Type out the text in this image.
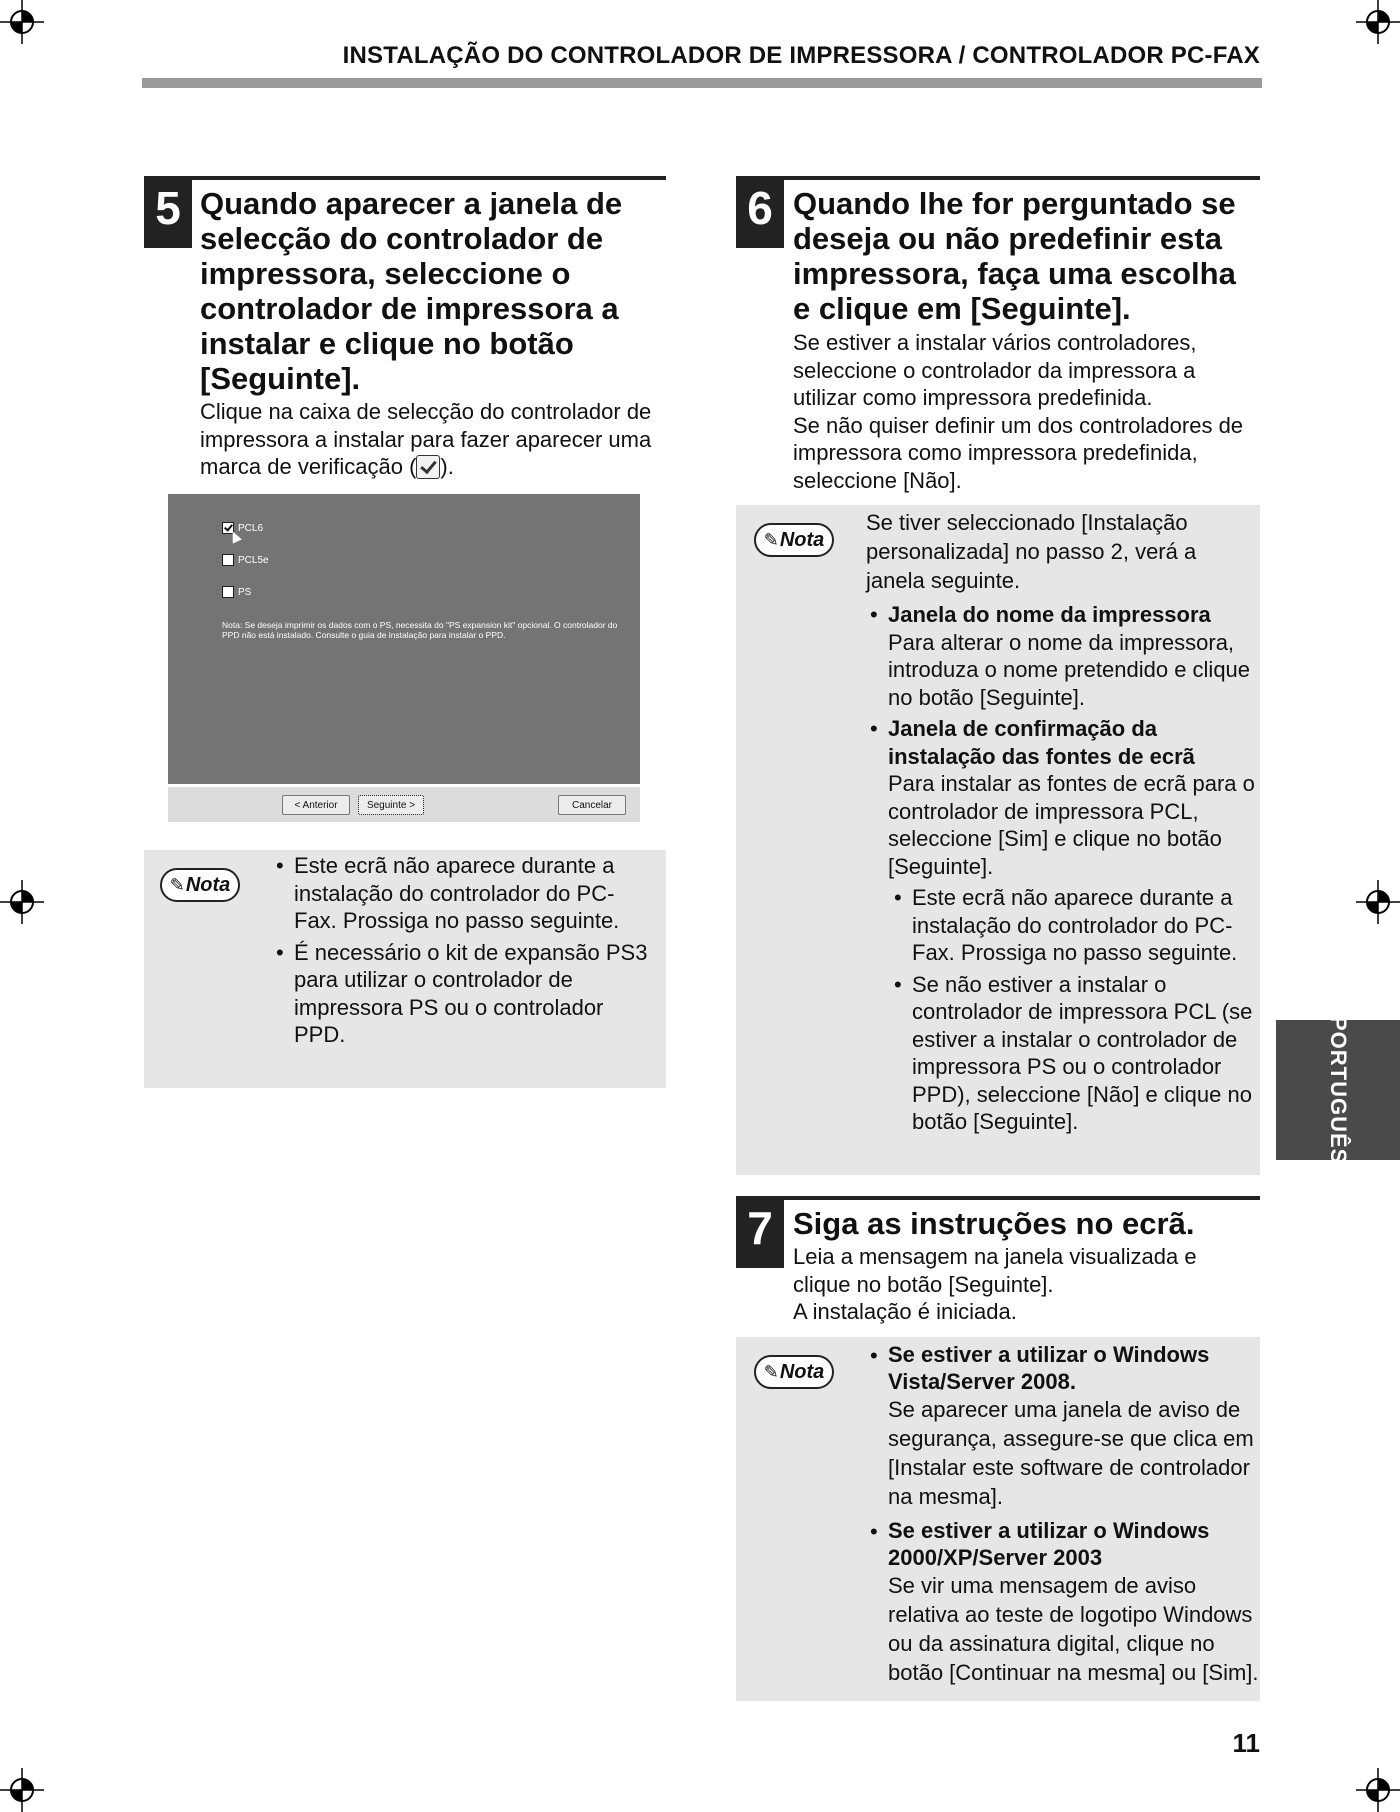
INSTALAÇÃO DO CONTROLADOR DE IMPRESSORA / CONTROLADOR PC-FAX
5 Quando aparecer a janela de selecção do controlador de impressora, seleccione o controlador de impressora a instalar e clique no botão [Seguinte].
Clique na caixa de selecção do controlador de impressora a instalar para fazer aparecer uma marca de verificação ( ).
PCL6
PCL5e
PS
Nota: Se deseja imprimir os dados com o PS, necessita do "PS expansion kit" opcional. O controlador do PPD não está instalado. Consulte o guia de instalação para instalar o PPD.
< Anterior	Seguinte >	Cancelar
✎ Nota
• Este ecrã não aparece durante a instalação do controlador do PC-Fax. Prossiga no passo seguinte.
• É necessário o kit de expansão PS3 para utilizar o controlador de impressora PS ou o controlador PPD.
6 Quando lhe for perguntado se deseja ou não predefinir esta impressora, faça uma escolha e clique em [Seguinte].

Se estiver a instalar vários controladores, seleccione o controlador da impressora a utilizar como impressora predefinida.

Se não quiser definir um dos controladores de impressora como impressora predefinida, seleccione [Não].

✎ Nota

Se tiver seleccionado [Instalação personalizada] no passo 2, verá a janela seguinte.

• Janela do nome da impressora
Para alterar o nome da impressora, introduza o nome pretendido e clique no botão [Seguinte].
• Janela de confirmação da instalação das fontes de ecrã
Para instalar as fontes de ecrã para o controlador de impressora PCL, seleccione [Sim] e clique no botão [Seguinte].
• Este ecrã não aparece durante a instalação do controlador do PC-Fax. Prossiga no passo seguinte.
• Se não estiver a instalar o controlador de impressora PCL (se estiver a instalar o controlador de impressora PS ou o controlador PPD), seleccione [Não] e clique no botão [Seguinte].
7 Siga as instruções no ecrã.

Leia a mensagem na janela visualizada e clique no botão [Seguinte].

A instalação é iniciada.

✎ Nota
• Se estiver a utilizar o Windows Vista/Server 2008.
Se aparecer uma janela de aviso de segurança, assegure-se que clica em [Instalar este software de controlador na mesma].
• Se estiver a utilizar o Windows 2000/XP/Server 2003
Se vir uma mensagem de aviso relativa ao teste de logotipo Windows ou da assinatura digital, clique no botão [Continuar na mesma] ou [Sim].
PORTUGUÊS
11
